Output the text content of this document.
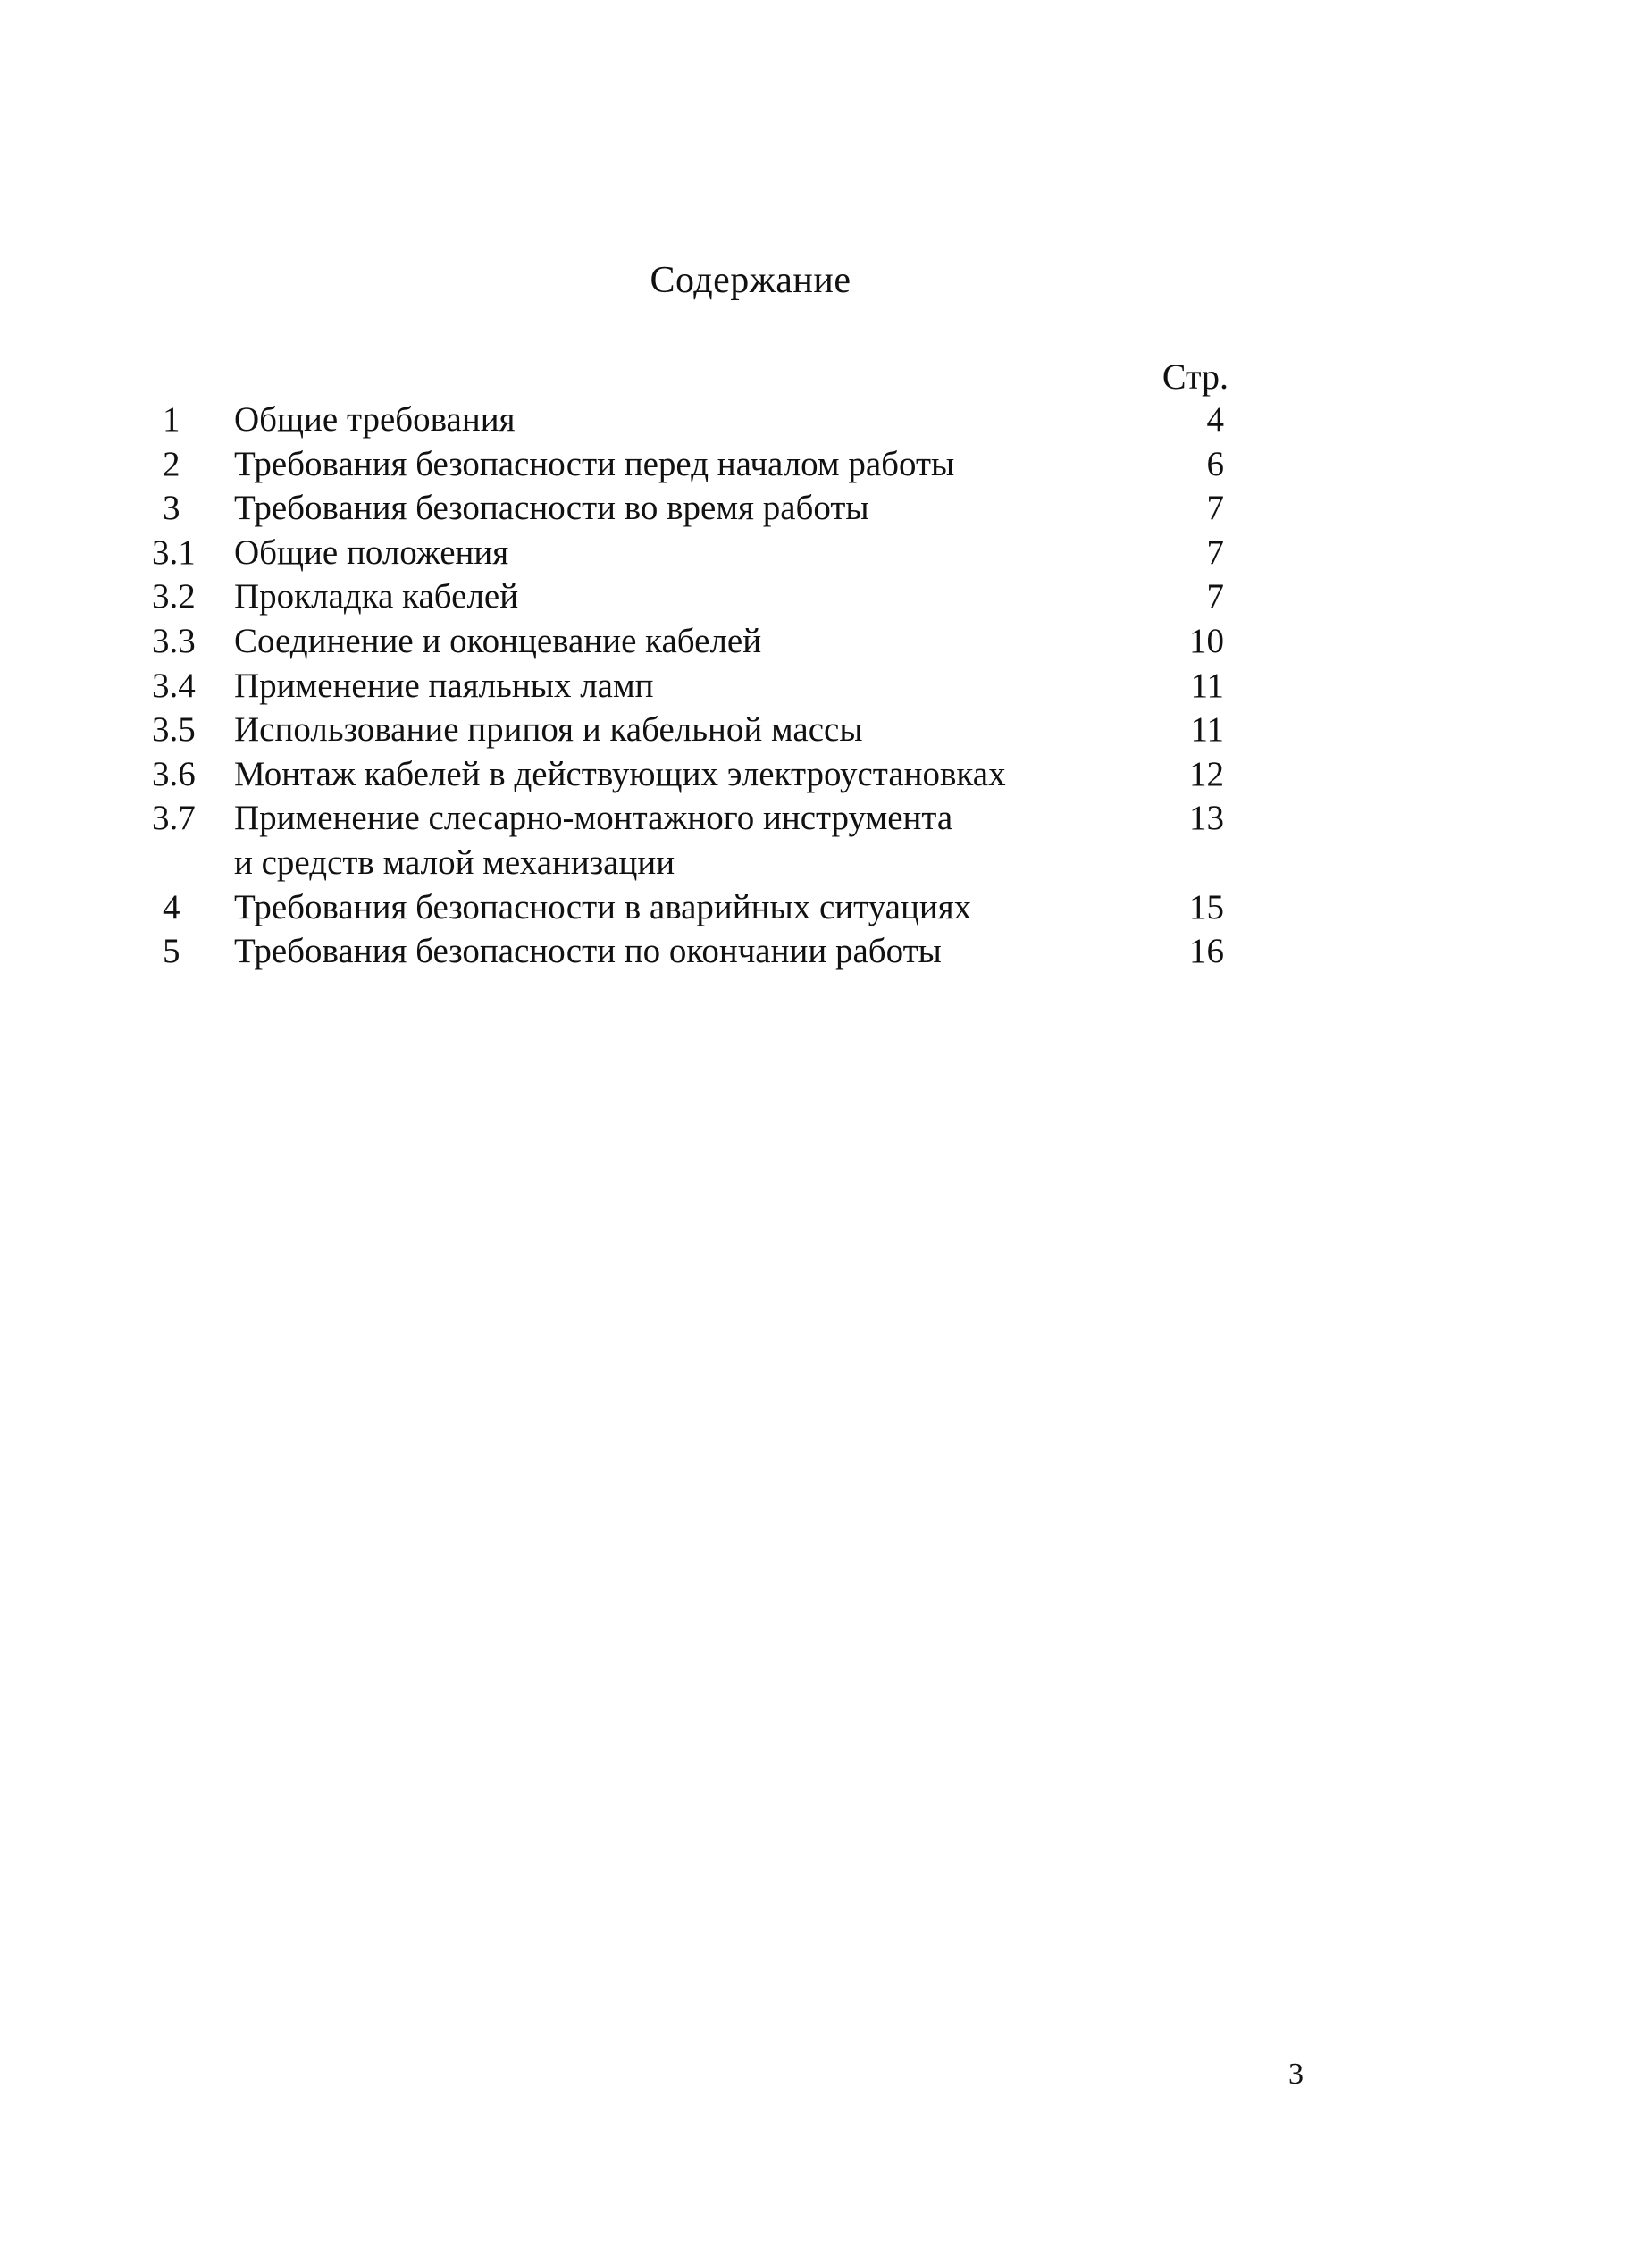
Содержание
Стр.
1	Общие требования	4
2	Требования безопасности перед началом работы	6
3	Требования безопасности во время работы	7
3.1	Общие положения	7
3.2	Прокладка кабелей	7
3.3	Соединение и оконцевание кабелей	10
3.4	Применение паяльных ламп	11
3.5	Использование припоя и кабельной массы	11
3.6	Монтаж кабелей в действующих электроустановках	12
3.7	Применение слесарно-монтажного инструмента	13
и средств малой механизации
4	Требования безопасности в аварийных ситуациях	15
5	Требования безопасности по окончании работы	16
3
